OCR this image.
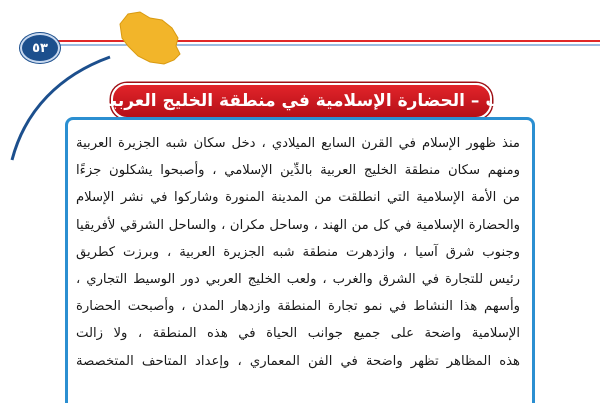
٥٣
ب – الحضارة الإسلامية في منطقة الخليج العربية
منذ ظهور الإسلام في القرن السابع الميلادي ، دخل سكان شبه الجزيرة العربية
ومنهم سكان منطقة الخليج العربية بالدِّين الإسلامي ، وأصبحوا يشكلون جزءًا
من الأمة الإسلامية التي انطلقت من المدينة المنورة وشاركوا في نشر الإسلام
والحضارة الإسلامية في كل من الهند ، وساحل مكران ، والساحل الشرقي لأفريقيا
وجنوب شرق آسيا ، وازدهرت منطقة شبه الجزيرة العربية ، وبرزت كطريق
رئيس للتجارة في الشرق والغرب ، ولعب الخليج العربي دور الوسيط التجاري ،
وأسهم هذا النشاط في نمو تجارة المنطقة وازدهار المدن ، وأصبحت الحضارة
الإسلامية واضحة على جميع جوانب الحياة في هذه المنطقة ، ولا زالت
هذه المظاهر تظهر واضحة في الفن المعماري ، وإعداد المتاحف المتخصصة
